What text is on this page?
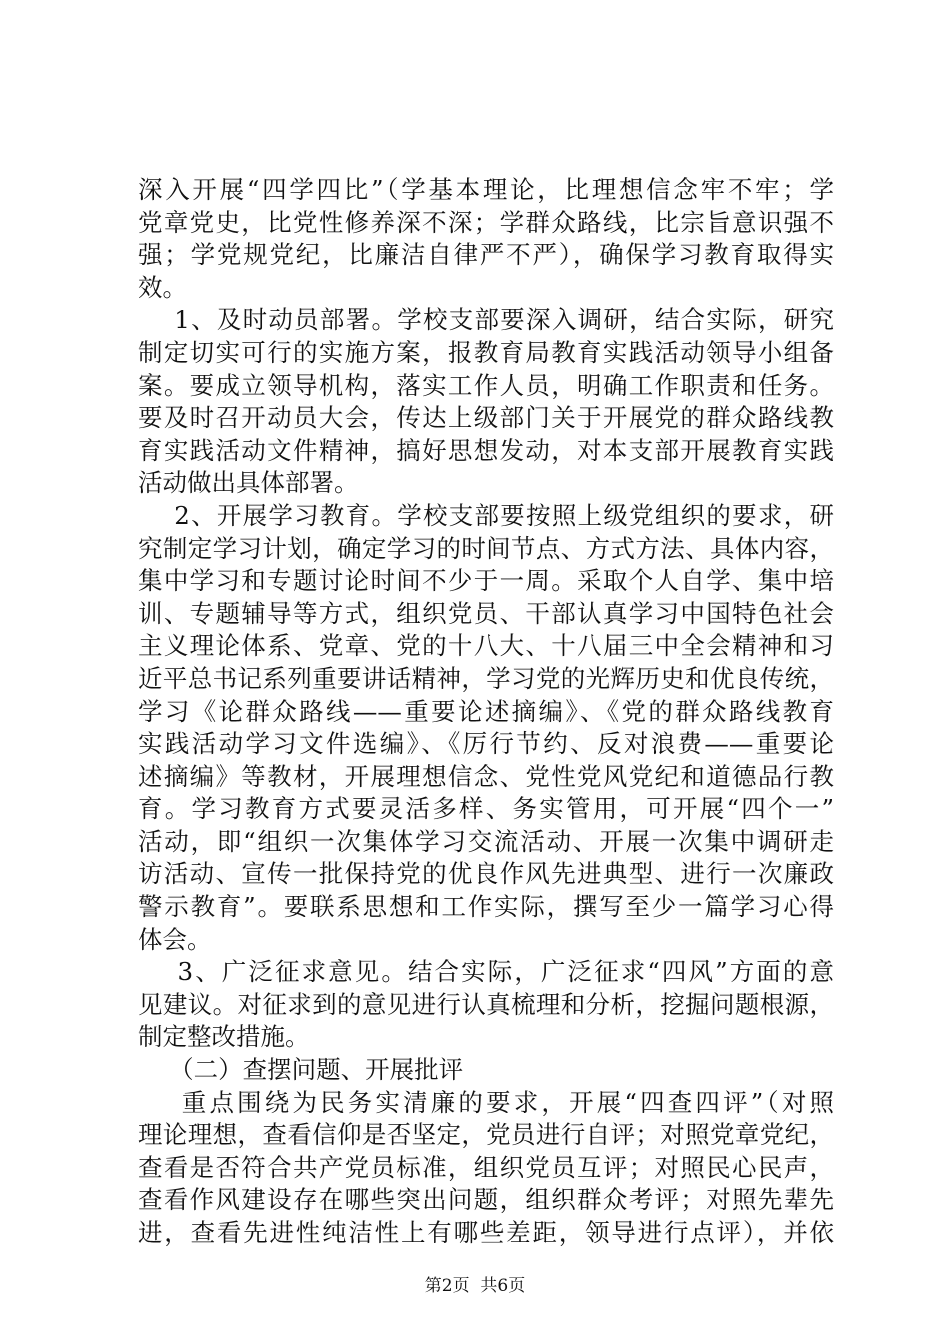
深入开展“四学四比”（学基本理论，比理想信念牢不牢；学
党章党史，比党性修养深不深；学群众路线，比宗旨意识强不
强；学党规党纪，比廉洁自律严不严），确保学习教育取得实
效。
1、及时动员部署。学校支部要深入调研，结合实际，研究
制定切实可行的实施方案，报教育局教育实践活动领导小组备
案。要成立领导机构，落实工作人员，明确工作职责和任务。
要及时召开动员大会，传达上级部门关于开展党的群众路线教
育实践活动文件精神，搞好思想发动，对本支部开展教育实践
活动做出具体部署。
2、开展学习教育。学校支部要按照上级党组织的要求，研
究制定学习计划，确定学习的时间节点、方式方法、具体内容，
集中学习和专题讨论时间不少于一周。采取个人自学、集中培
训、专题辅导等方式，组织党员、干部认真学习中国特色社会
主义理论体系、党章、党的十八大、十八届三中全会精神和习
近平总书记系列重要讲话精神，学习党的光辉历史和优良传统，
学习《论群众路线——重要论述摘编》、《党的群众路线教育
实践活动学习文件选编》、《厉行节约、反对浪费——重要论
述摘编》等教材，开展理想信念、党性党风党纪和道德品行教
育。学习教育方式要灵活多样、务实管用，可开展“四个一”
活动，即“组织一次集体学习交流活动、开展一次集中调研走
访活动、宣传一批保持党的优良作风先进典型、进行一次廉政
警示教育”。要联系思想和工作实际，撰写至少一篇学习心得
体会。
3、广泛征求意见。结合实际，广泛征求“四风”方面的意
见建议。对征求到的意见进行认真梳理和分析，挖掘问题根源，
制定整改措施。
（二）查摆问题、开展批评
重点围绕为民务实清廉的要求，开展“四查四评”（对照
理论理想，查看信仰是否坚定，党员进行自评；对照党章党纪，
查看是否符合共产党员标准，组织党员互评；对照民心民声，
查看作风建设存在哪些突出问题，组织群众考评；对照先辈先
进，查看先进性纯洁性上有哪些差距，领导进行点评），并依
第2页  共6页
